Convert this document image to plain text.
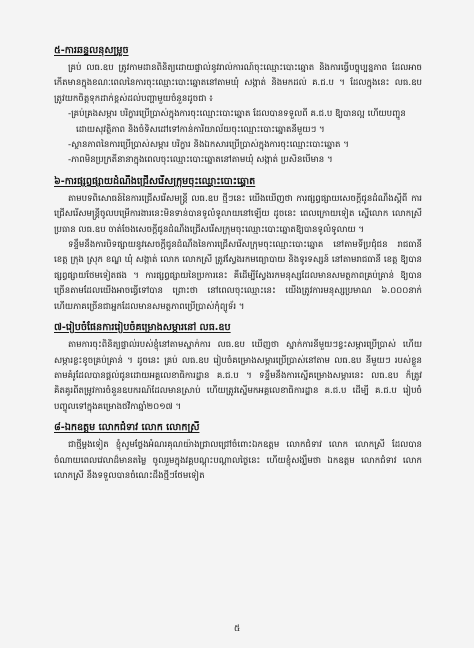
៥-ការឆន្ទលនុសម្រួច

គ្រប់ លធ.ឧប ត្រូវកាមដានពិនិត្យដោយផ្ទាល់នូវរាល់ការណ៍ចុះឈ្មោះបោះឆ្នោត និងការធ្វើបច្ចុប្បន្នភាព ដែលអាចកើតមានក្នុងខណៈពេលនៃការចុះឈ្មោះបោះឆ្នោតនៅតាមឃុំ សង្កាត់ និងមកដល់ គ.ជ.ប ។ ដែលក្នុងនេះ លធ.ឧប ត្រូវយកចិត្តទុកដាក់ខ្ពស់ដល់បញ្ហាមួយចំនួនដូចជា ៖

-គ្រប់គ្រងសម្ភារ បរិក្ខារប្រើប្រាស់ក្នុងការចុះឈ្មោះបោះឆ្នោត ដែលបានទទួលពី គ.ជ.ប ឱ្យបានល្អ ហើយបញ្ជូនដោយសុវត្ថិភាព និងចំទិសដៅទៅកាន់ការិយាល័យចុះឈ្មោះបោះឆ្នោតនីមួយៗ ។

-ស្ថានភាពនៃការប្រើប្រាស់សម្ភារ បរិក្ខារ និងឯកសារប្រើប្រាស់ក្នុងការចុះឈ្មោះបោះឆ្នោត ។

-ភាពមិនប្រក្រតីនានាក្នុងពេលចុះឈ្មោះបោះឆ្នោតនៅតាមឃុំ សង្កាត់ ប្រសិនបើមាន ។

៦-ការផ្សព្វផ្សាយដំណឹងជ្រើសរើសក្រុមចុះឈ្មោះបោះឆ្នោត

តាមបទពិសោធន៍នៃការជ្រើសរើសមន្ត្រី លធ.ឧប ថ្មីៗនេះ យើងឃើញថា ការផ្សព្វផ្សាយសេចក្តីជូនដំណឹងស្តីពី ការជ្រើសរើសមន្ត្រីចូលបម្រើការងារនេះមិនទាន់បានទូលំទូលាយនៅឡើយ ដូចនេះ ពេលក្រោយទៀត ស្នើលោក លោកស្រី ប្រធាន លធ.ឧប ចាត់ចែងសេចក្តីជូនដំណឹងជ្រើសរើសក្រុមចុះឈ្មោះបោះឆ្នោតឱ្យបានទូលំទូលាយ ។

ទន្ទឹមនឹងការបិទផ្សាយនូវសេចក្តីជូនដំណឹងនៃការជ្រើសរើសក្រុមចុះឈ្មោះបោះឆ្នោត នៅតាមទីប្រជុំជន រាជធានី ខេត្ត ក្រុង ស្រុក ខណ្ឌ ឃុំ សង្កាត់ លោក លោកស្រី ត្រូវស្វែងរកមធ្យោបាយ និងទូរទស្សន៍ នៅតាមរាជធានី ខេត្ត ឱ្យបានផ្សព្វផ្សាយថែមទៀតផង ។ ការផ្សព្វផ្សាយនៃប្រការនេះ គឺដើម្បីស្វែងរកមនុស្សដែលមានសមត្ថភាពគ្រប់គ្រាន់ ឱ្យបានច្រើនតាមដែលយើងអាចធ្វើទៅបាន ព្រោះថា នៅពេលចុះឈ្មោះនេះ យើងត្រូវការមនុស្សប្រមាណ ៦.០០០នាក់ ហើយភាគច្រើនជាអ្នកដែលមានសមត្ថភាពប្រើប្រាស់កុំព្យូទ័រ ។

៧-រៀបចំផែនការរៀបចំគម្រោងសម្ភារនៅ លធ.ឧប

តាមការចុះពិនិត្យផ្ទាល់របស់ខ្ញុំនៅតាមស្នាក់ការ លធ.ឧប ឃើញថា ស្នាក់ការនីមួយៗខ្វះសម្ភារប្រើប្រាស់ ហើយសម្ភារខ្លះខូចគ្រប់គ្រាន់ ។ ដូចនេះ គ្រប់ លធ.ឧប រៀបចំគម្រោងសម្ភារប្រើប្រាស់នៅតាម លធ.ឧប នីមួយៗ របស់ខ្លួនតាមគំរូដែលបានផ្តល់ជូនដោយអគ្គលេខាធិការដ្ឋាន គ.ជ.ប ។ ទន្ទឹមនឹងការស្នើគម្រោងសម្ភារនេះ លធ.ឧប ក៏ត្រូវគិតគូរពីតម្រូវការចំនួនឧបករណ៍ដែលមានស្រាប់ ហើយត្រូវស្នើមកអគ្គលេខាធិការដ្ឋាន គ.ជ.ប ដើម្បី គ.ជ.ប រៀបចំបញ្ចូលទៅក្នុងគម្រោងថវិកាឆ្នាំ២០១៧ ។

៨-ឯកឧត្តម លោកជំទាវ លោក លោកស្រី

ជាថ្មីម្តងទៀត ខ្ញុំសូមថ្លែងអំណរគុណយ៉ាងជ្រាលជ្រៅចំពោះឯកឧត្តម លោកជំទាវ លោក លោកស្រី ដែលបានចំណាយពេលវេលាដ៏មានតម្លៃ ចូលរួមក្នុងវគ្គបណ្តុះបណ្តាលថ្ងៃនេះ ហើយខ្ញុំសង្ឃឹមថា ឯកឧត្តម លោកជំទាវ លោក លោកស្រី នឹងទទួលបានចំណេះដឹងថ្មីៗថែមទៀត

៥
